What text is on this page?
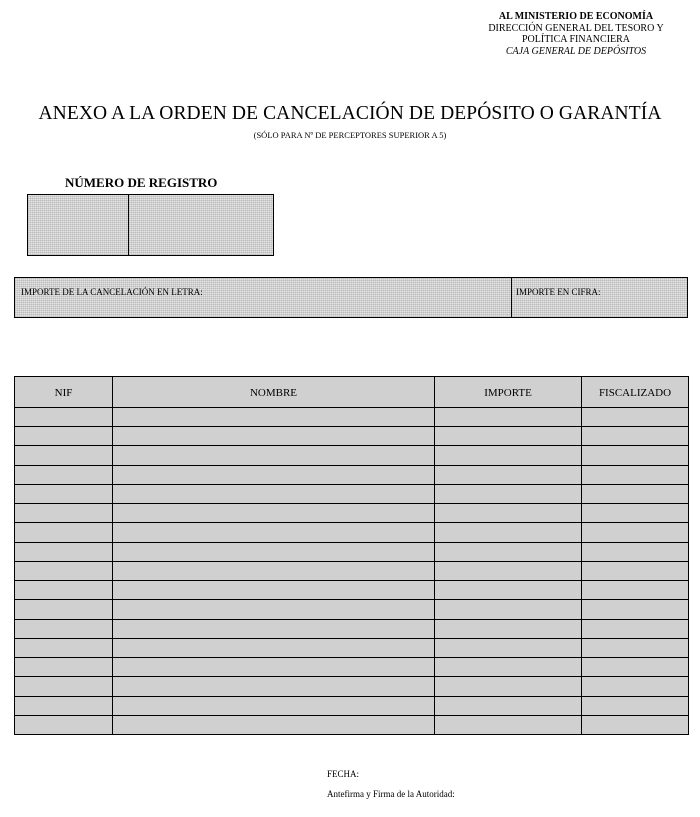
AL MINISTERIO DE ECONOMÍA
DIRECCIÓN GENERAL DEL TESORO Y
POLÍTICA FINANCIERA
CAJA GENERAL DE DEPÓSITOS
ANEXO A LA ORDEN DE CANCELACIÓN DE DEPÓSITO O GARANTÍA
(SÓLO PARA Nº DE PERCEPTORES SUPERIOR A 5)
NÚMERO DE REGISTRO
IMPORTE DE LA CANCELACIÓN EN LETRA:	IMPORTE EN CIFRA:
NIF	NOMBRE	IMPORTE	FISCALIZADO

FECHA:
Antefirma y Firma de la Autoridad:
